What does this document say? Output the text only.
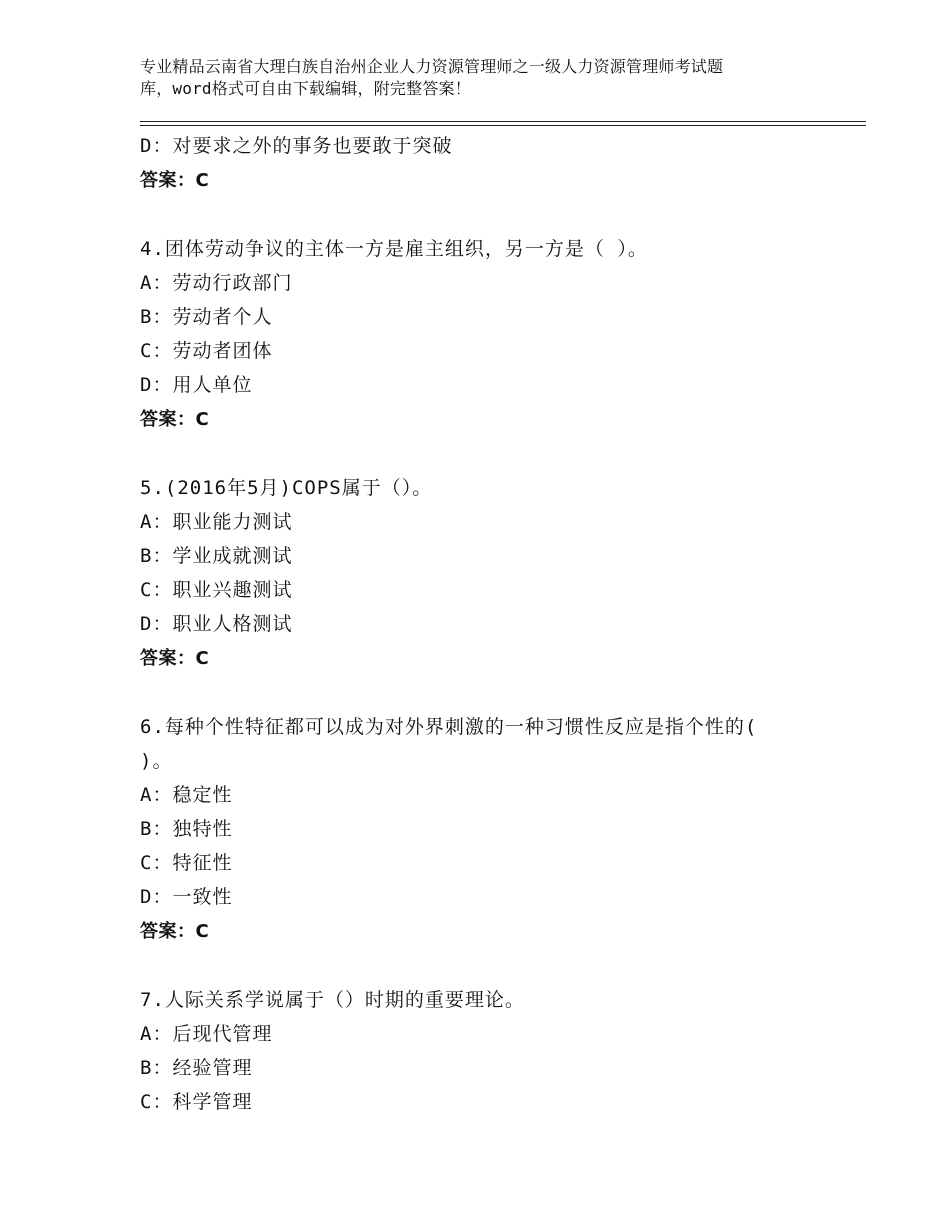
专业精品云南省大理白族自治州企业人力资源管理师之一级人力资源管理师考试题
库，word格式可自由下载编辑，附完整答案！
D：对要求之外的事务也要敢于突破
答案：C
4.团体劳动争议的主体一方是雇主组织，另一方是（ ）。
A：劳动行政部门
B：劳动者个人
C：劳动者团体
D：用人单位
答案：C
5.(2016年5月)COPS属于（）。
A：职业能力测试
B：学业成就测试
C：职业兴趣测试
D：职业人格测试
答案：C
6.每种个性特征都可以成为对外界刺激的一种习惯性反应是指个性的(
)。
A：稳定性
B：独特性
C：特征性
D：一致性
答案：C
7.人际关系学说属于（）时期的重要理论。
A：后现代管理
B：经验管理
C：科学管理
